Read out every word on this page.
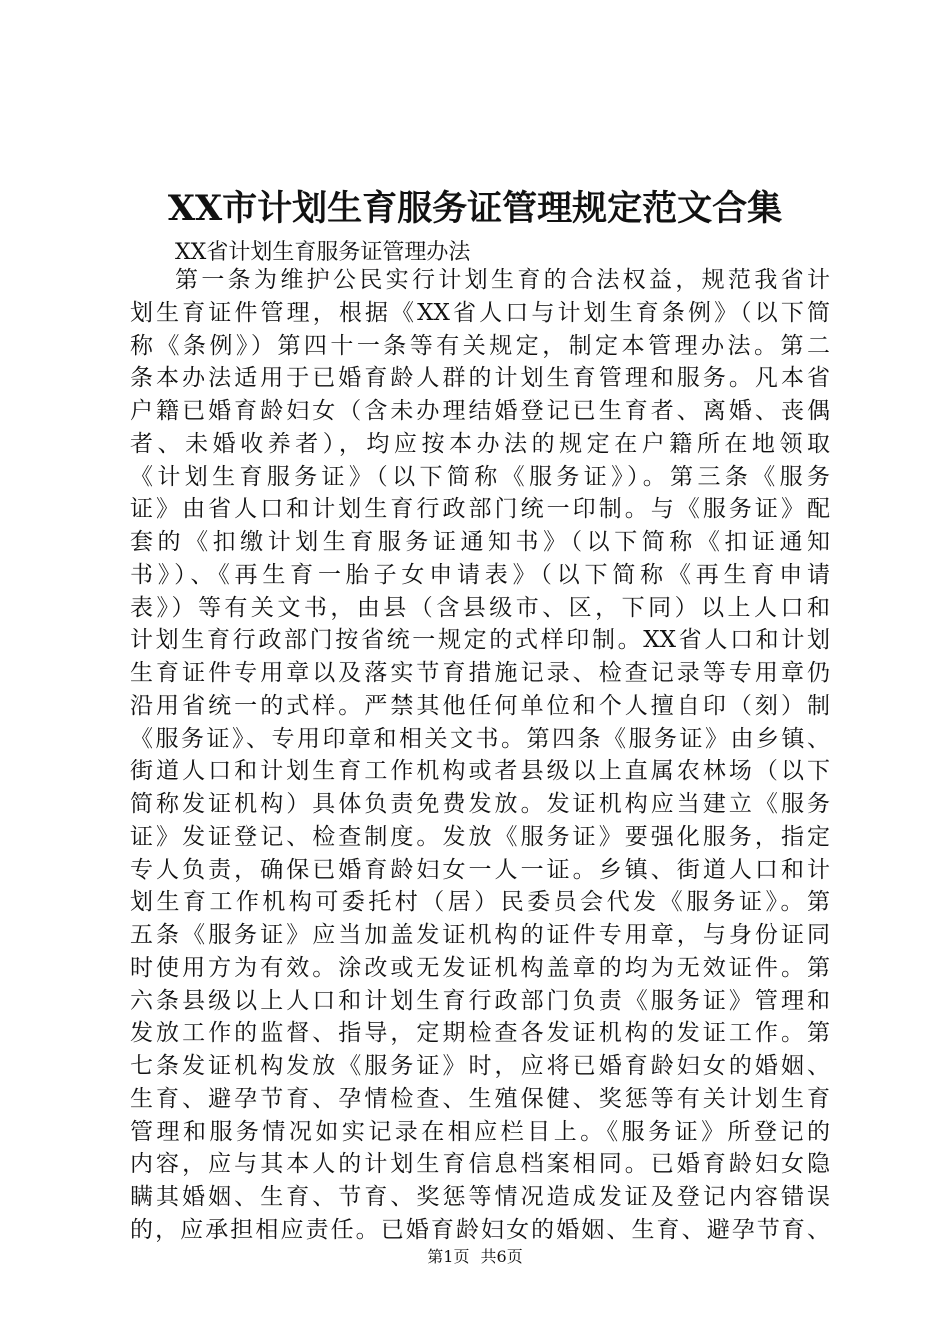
XX市计划生育服务证管理规定范文合集
XX省计划生育服务证管理办法
第一条为维护公民实行计划生育的合法权益，规范我省计
划生育证件管理，根据《XX省人口与计划生育条例》（以下简
称《条例》）第四十一条等有关规定，制定本管理办法。第二
条本办法适用于已婚育龄人群的计划生育管理和服务。凡本省
户籍已婚育龄妇女（含未办理结婚登记已生育者、离婚、丧偶
者、未婚收养者），均应按本办法的规定在户籍所在地领取
《计划生育服务证》（以下简称《服务证》）。第三条《服务
证》由省人口和计划生育行政部门统一印制。与《服务证》配
套的《扣缴计划生育服务证通知书》（以下简称《扣证通知
书》）、《再生育一胎子女申请表》（以下简称《再生育申请
表》）等有关文书，由县（含县级市、区，下同）以上人口和
计划生育行政部门按省统一规定的式样印制。XX省人口和计划
生育证件专用章以及落实节育措施记录、检查记录等专用章仍
沿用省统一的式样。严禁其他任何单位和个人擅自印（刻）制
《服务证》、专用印章和相关文书。第四条《服务证》由乡镇、
街道人口和计划生育工作机构或者县级以上直属农林场（以下
简称发证机构）具体负责免费发放。发证机构应当建立《服务
证》发证登记、检查制度。发放《服务证》要强化服务，指定
专人负责，确保已婚育龄妇女一人一证。乡镇、街道人口和计
划生育工作机构可委托村（居）民委员会代发《服务证》。第
五条《服务证》应当加盖发证机构的证件专用章，与身份证同
时使用方为有效。涂改或无发证机构盖章的均为无效证件。第
六条县级以上人口和计划生育行政部门负责《服务证》管理和
发放工作的监督、指导，定期检查各发证机构的发证工作。第
七条发证机构发放《服务证》时，应将已婚育龄妇女的婚姻、
生育、避孕节育、孕情检查、生殖保健、奖惩等有关计划生育
管理和服务情况如实记录在相应栏目上。《服务证》所登记的
内容，应与其本人的计划生育信息档案相同。已婚育龄妇女隐
瞒其婚姻、生育、节育、奖惩等情况造成发证及登记内容错误
的，应承担相应责任。已婚育龄妇女的婚姻、生育、避孕节育、
第1页 共6页
